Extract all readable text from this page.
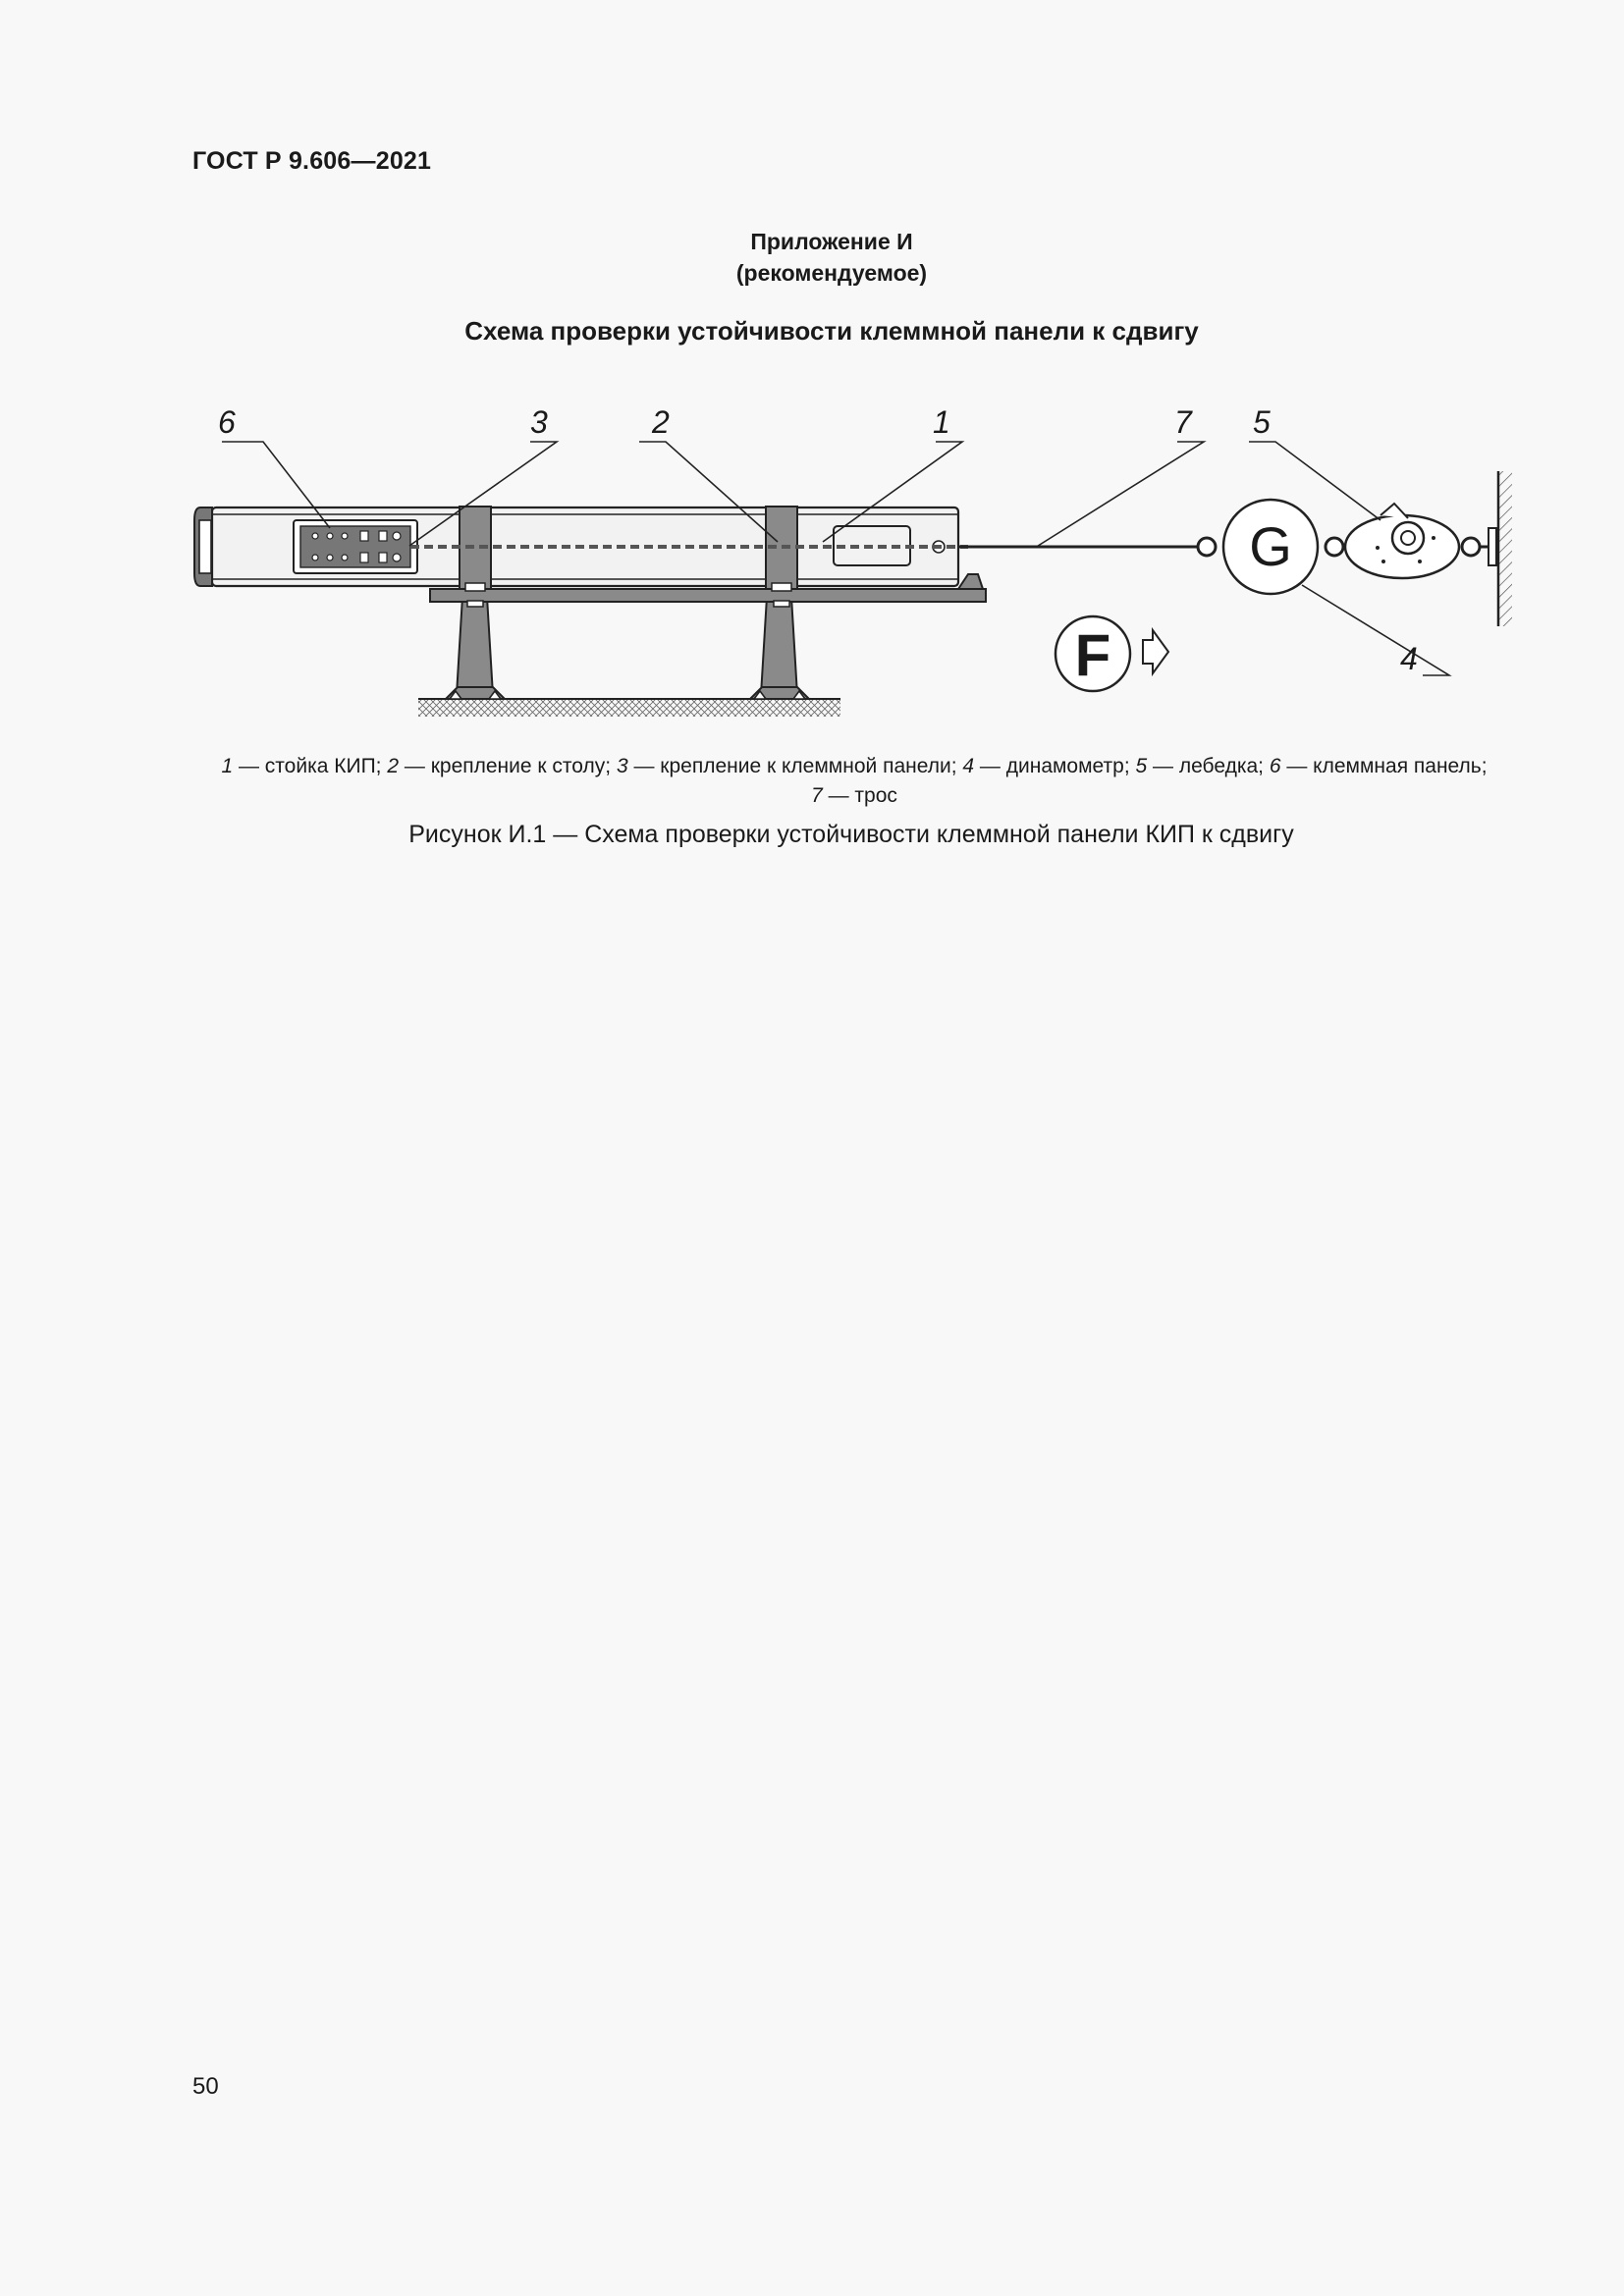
ГОСТ Р 9.606—2021
Приложение И
(рекомендуемое)
Схема проверки устойчивости клеммной панели к сдвигу
G
F
6	3	2	1	7 5
4
1 — стойка КИП; 2 — крепление к столу; 3 — крепление к клеммной панели; 4 — динамометр; 5 — лебедка; 6 — клеммная панель;
7 — трос
Рисунок И.1 — Схема проверки устойчивости клеммной панели КИП к сдвигу
50
